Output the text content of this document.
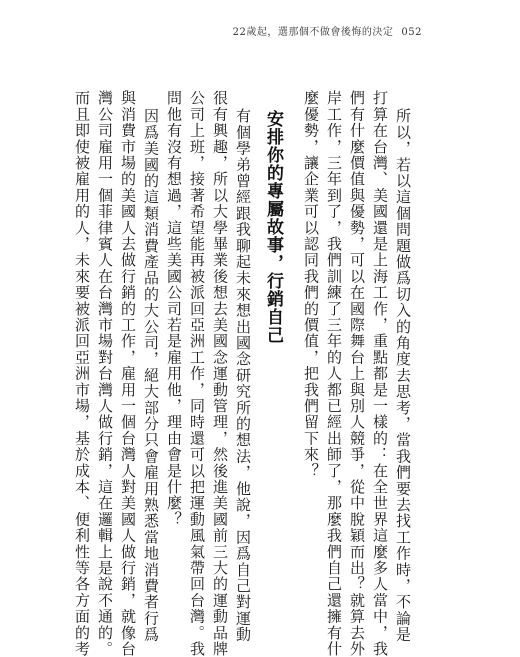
22歲起，選那個不做會後悔的決定 052
所以，若以這個問題做爲切入的角度去思考，當我們要去找工作時，不論是
打算在台灣、美國還是上海工作，重點都是一樣的：在全世界這麼多人當中，我
們有什麼價值與優勢，可以在國際舞台上與別人競爭，從中脫穎而出？就算去外
岸工作，三年到了，我們訓練了三年的人都已經出師了，那麼我們自己還擁有什
麼優勢，讓企業可以認同我們的價值，把我們留下來？
安排你的專屬故事，行銷自己
有個學弟曾經跟我聊起未來想出國念研究所的想法，他說，因爲自己對運動
很有興趣，所以大學畢業後想去美國念運動管理，然後進美國前三大的運動品牌
公司上班，接著希望能再被派回亞洲工作，同時還可以把運動風氣帶回台灣。我
問他有沒有想過，這些美國公司若是雇用他，理由會是什麼？
因爲美國的這類消費產品的大公司，絕大部分只會雇用熟悉當地消費者行爲
與消費市場的美國人去做行銷的工作，雇用一個台灣人對美國人做行銷，就像台
灣公司雇用一個菲律賓人在台灣市場對台灣人做行銷，這在邏輯上是說不通的。
而且即使被雇用的人，未來要被派回亞洲市場，基於成本、便利性等各方面的考
